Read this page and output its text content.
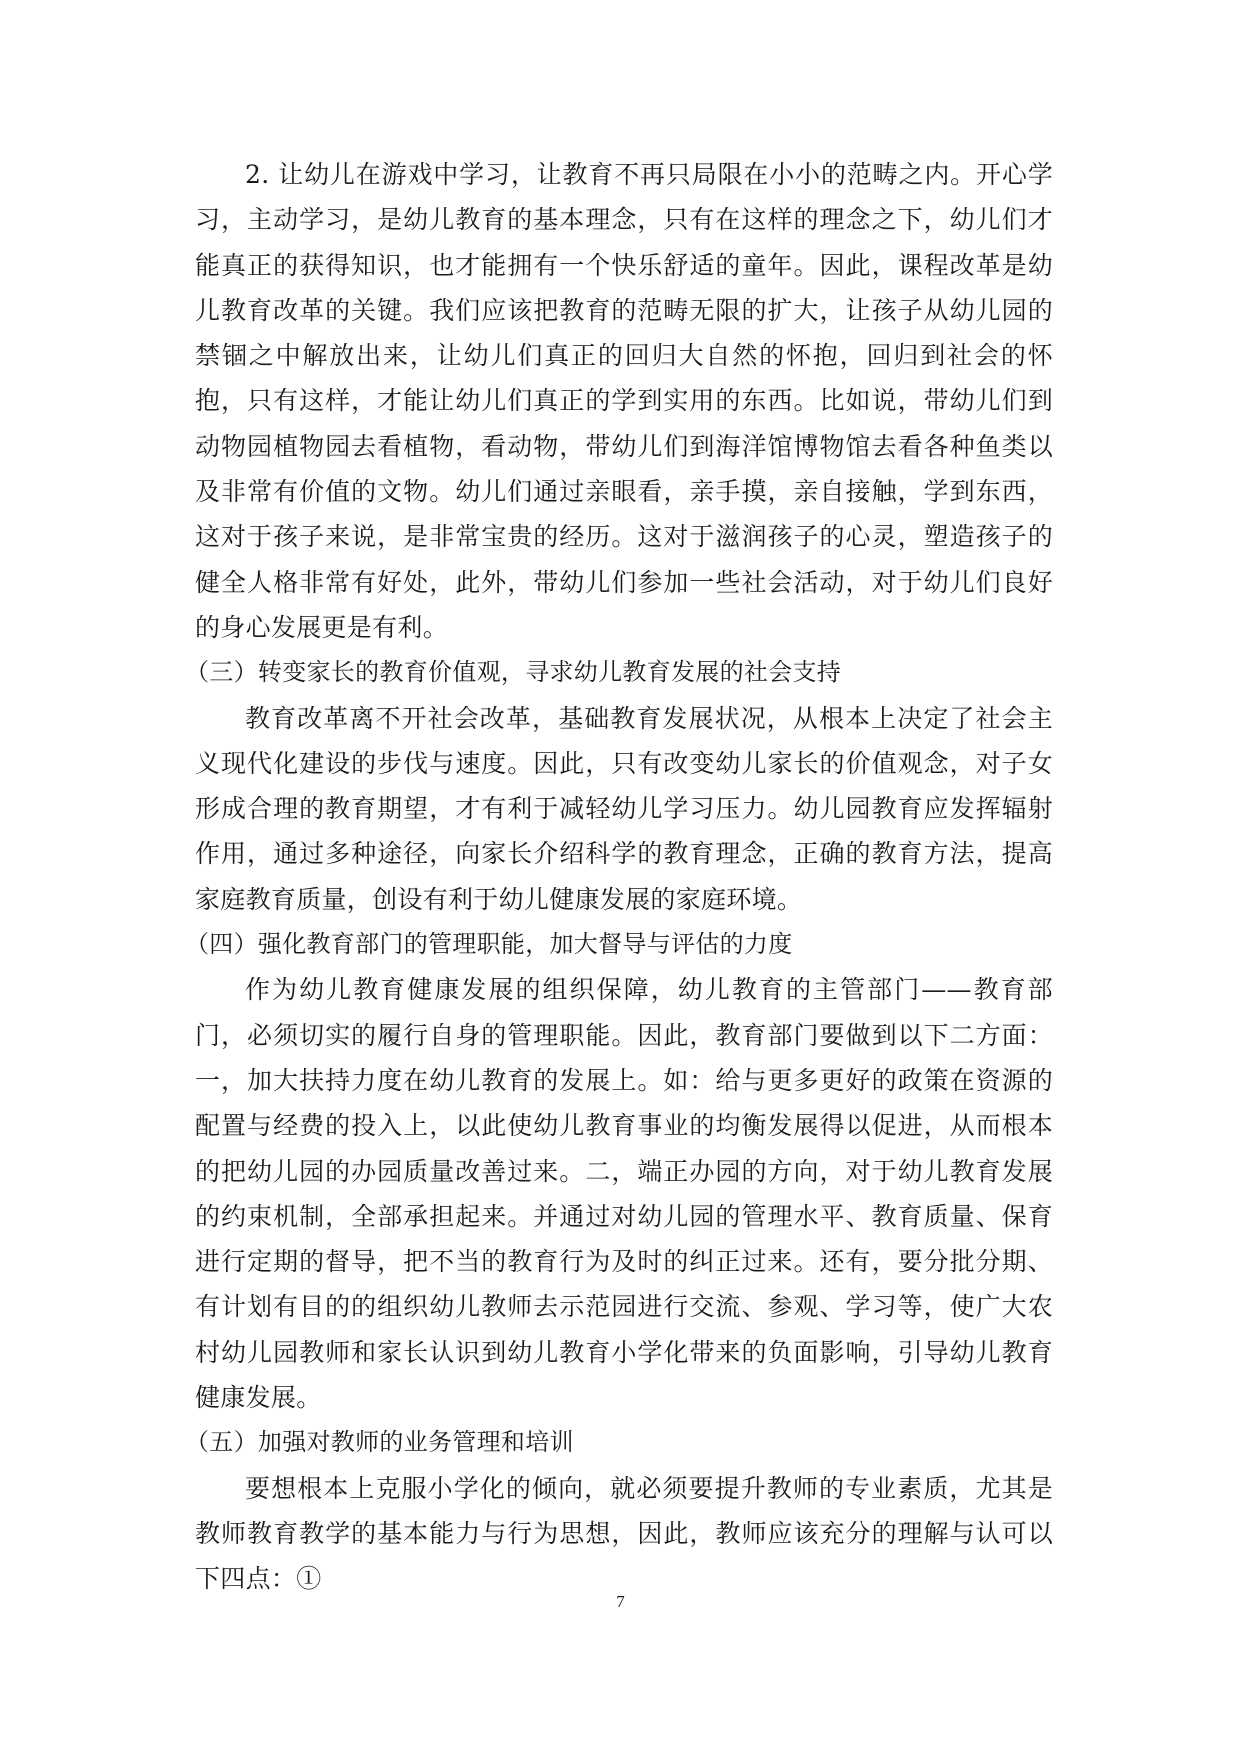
2. 让幼儿在游戏中学习，让教育不再只局限在小小的范畴之内。开心学习，主动学习，是幼儿教育的基本理念，只有在这样的理念之下，幼儿们才能真正的获得知识，也才能拥有一个快乐舒适的童年。因此，课程改革是幼儿教育改革的关键。我们应该把教育的范畴无限的扩大，让孩子从幼儿园的禁锢之中解放出来，让幼儿们真正的回归大自然的怀抱，回归到社会的怀抱，只有这样，才能让幼儿们真正的学到实用的东西。比如说，带幼儿们到动物园植物园去看植物，看动物，带幼儿们到海洋馆博物馆去看各种鱼类以及非常有价值的文物。幼儿们通过亲眼看，亲手摸，亲自接触，学到东西，这对于孩子来说，是非常宝贵的经历。这对于滋润孩子的心灵，塑造孩子的健全人格非常有好处，此外，带幼儿们参加一些社会活动，对于幼儿们良好的身心发展更是有利。

（三）转变家长的教育价值观，寻求幼儿教育发展的社会支持

教育改革离不开社会改革，基础教育发展状况，从根本上决定了社会主义现代化建设的步伐与速度。因此，只有改变幼儿家长的价值观念，对子女形成合理的教育期望，才有利于减轻幼儿学习压力。幼儿园教育应发挥辐射作用，通过多种途径，向家长介绍科学的教育理念，正确的教育方法，提高家庭教育质量，创设有利于幼儿健康发展的家庭环境。

（四）强化教育部门的管理职能，加大督导与评估的力度

作为幼儿教育健康发展的组织保障，幼儿教育的主管部门——教育部门，必须切实的履行自身的管理职能。因此，教育部门要做到以下二方面：一，加大扶持力度在幼儿教育的发展上。如：给与更多更好的政策在资源的配置与经费的投入上，以此使幼儿教育事业的均衡发展得以促进，从而根本的把幼儿园的办园质量改善过来。二，端正办园的方向，对于幼儿教育发展的约束机制，全部承担起来。并通过对幼儿园的管理水平、教育质量、保育进行定期的督导，把不当的教育行为及时的纠正过来。还有，要分批分期、有计划有目的的组织幼儿教师去示范园进行交流、参观、学习等，使广大农村幼儿园教师和家长认识到幼儿教育小学化带来的负面影响，引导幼儿教育健康发展。

（五）加强对教师的业务管理和培训

要想根本上克服小学化的倾向，就必须要提升教师的专业素质，尤其是教师教育教学的基本能力与行为思想，因此，教师应该充分的理解与认可以下四点：①

7
